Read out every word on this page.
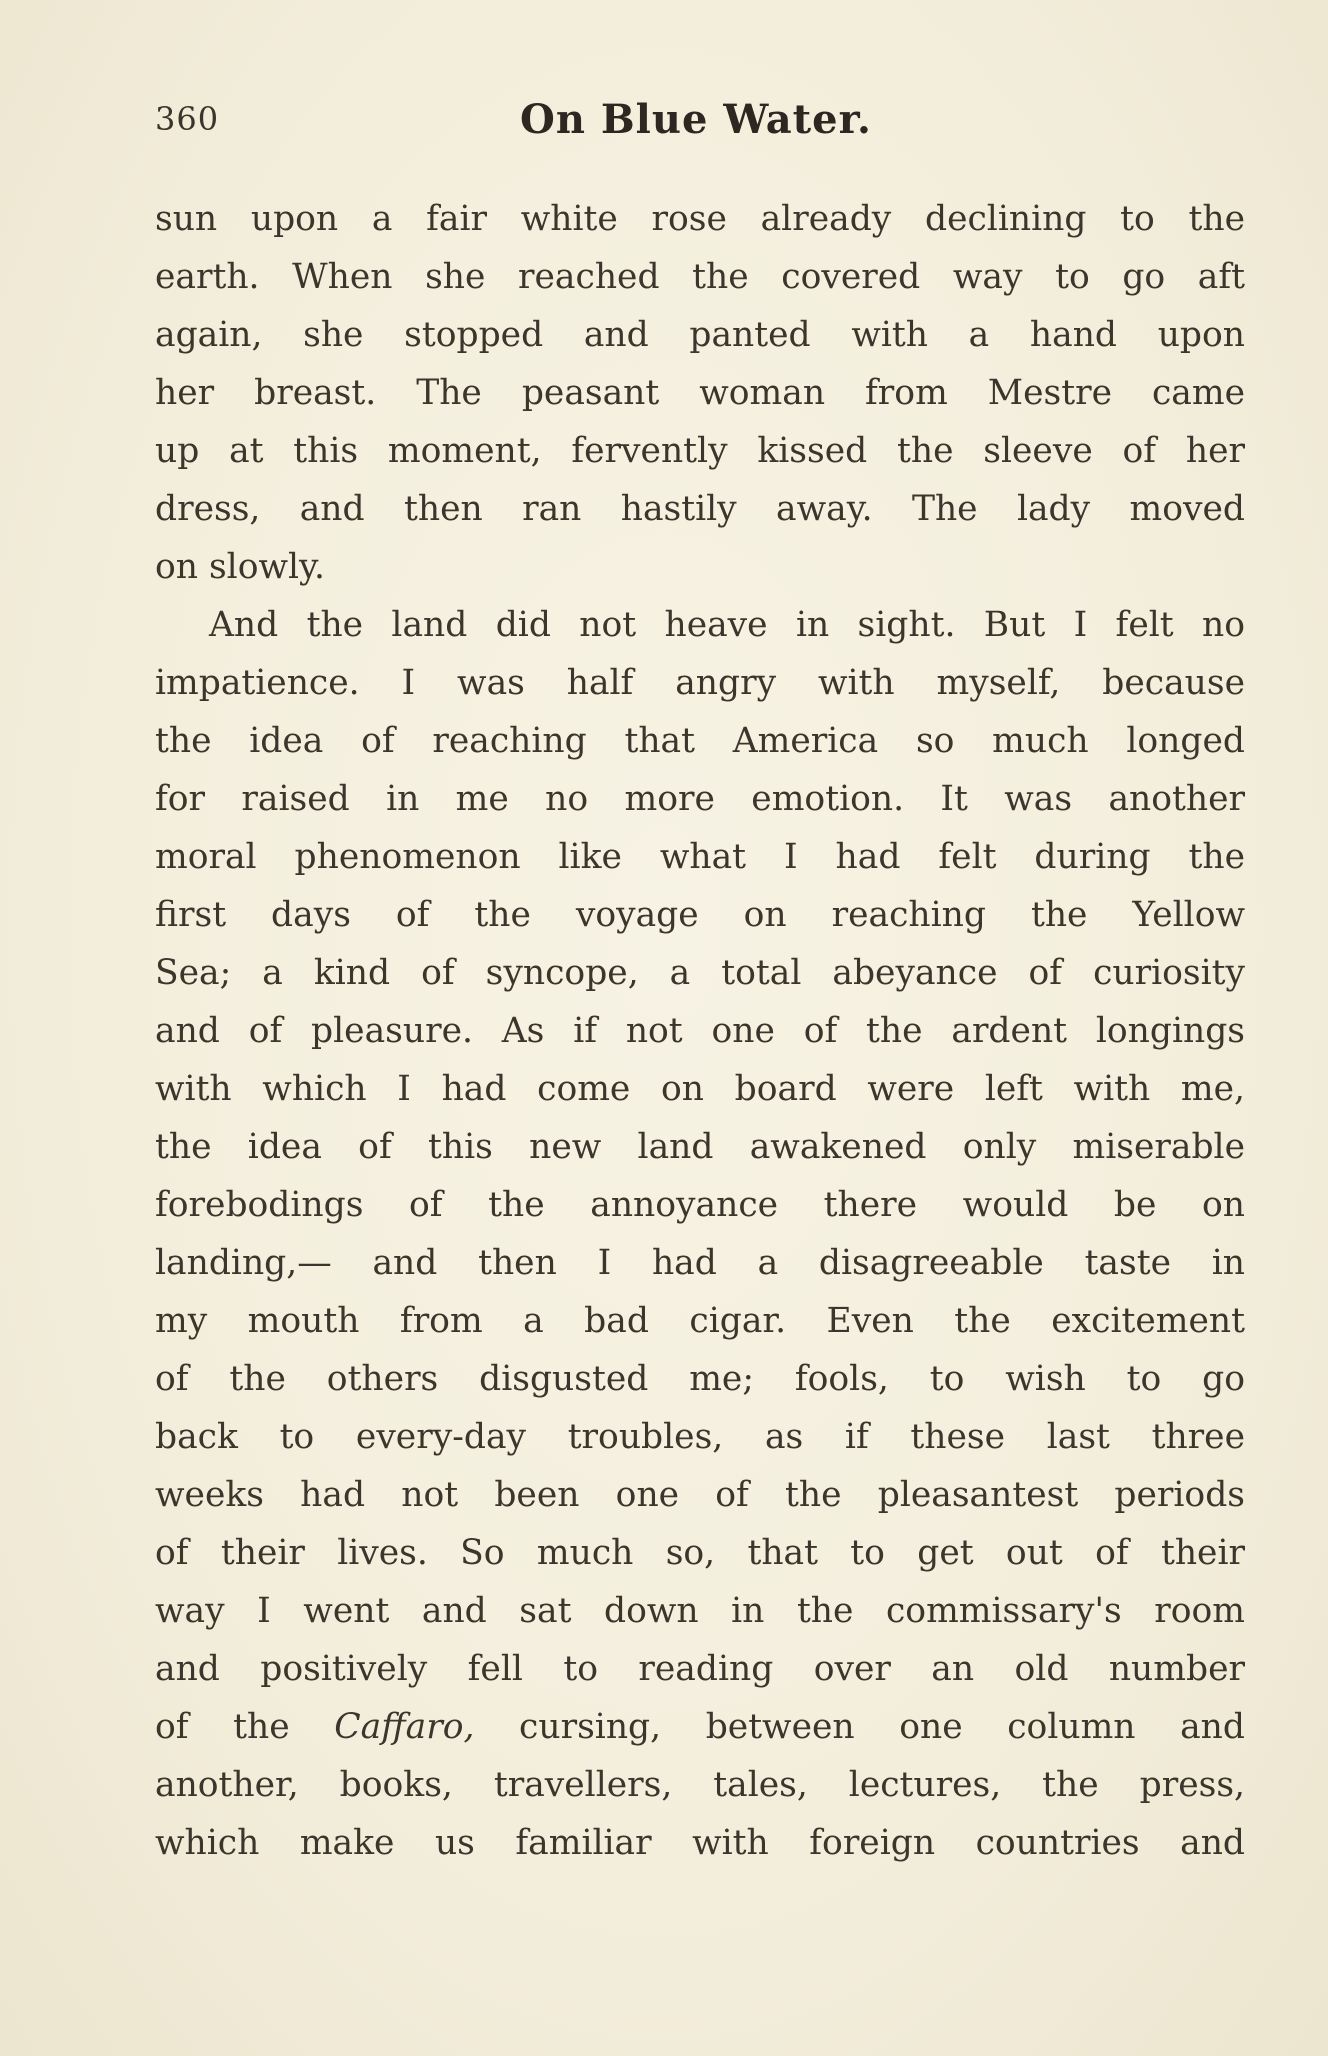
360	On Blue Water.
sun upon a fair white rose already declining to the
earth. When she reached the covered way to go aft
again, she stopped and panted with a hand upon
her breast. The peasant woman from Mestre came
up at this moment, fervently kissed the sleeve of her
dress, and then ran hastily away. The lady moved
on slowly.
And the land did not heave in sight. But I felt no
impatience. I was half angry with myself, because
the idea of reaching that America so much longed
for raised in me no more emotion. It was another
moral phenomenon like what I had felt during the
first days of the voyage on reaching the Yellow
Sea; a kind of syncope, a total abeyance of curiosity
and of pleasure. As if not one of the ardent longings
with which I had come on board were left with me,
the idea of this new land awakened only miserable
forebodings of the annoyance there would be on
landing,— and then I had a disagreeable taste in
my mouth from a bad cigar. Even the excitement
of the others disgusted me; fools, to wish to go
back to every-day troubles, as if these last three
weeks had not been one of the pleasantest periods
of their lives. So much so, that to get out of their
way I went and sat down in the commissary's room
and positively fell to reading over an old number
of the Caffaro, cursing, between one column and
another, books, travellers, tales, lectures, the press,
which make us familiar with foreign countries and
